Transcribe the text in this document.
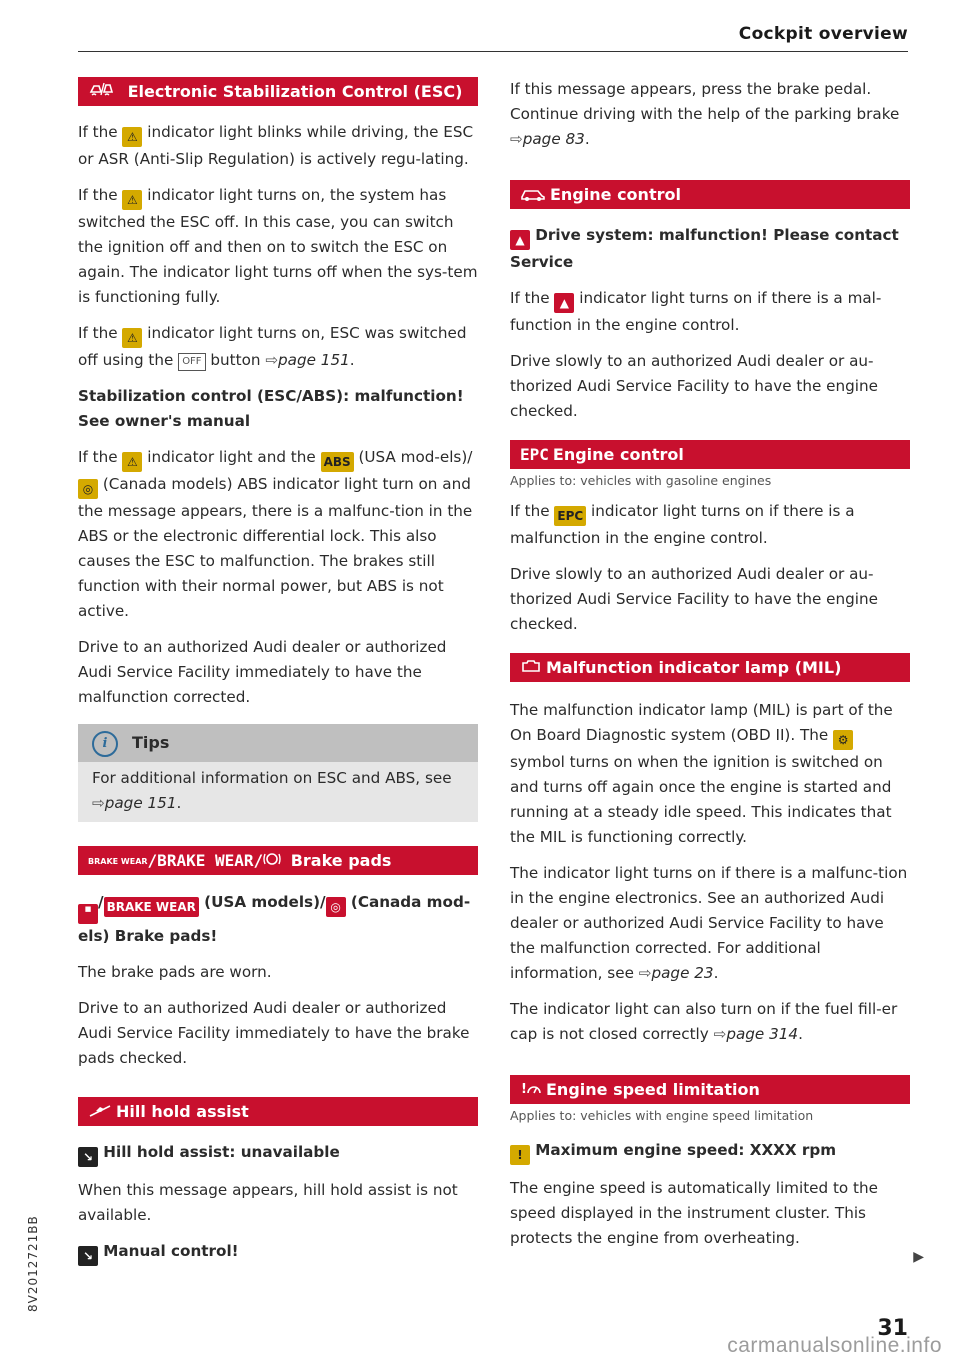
Cockpit overview
Electronic Stabilization Control (ESC)

If the ⚠ indicator light blinks while driving, the ESC or ASR (Anti-Slip Regulation) is actively regu-lating.

If the ⚠ indicator light turns on, the system has switched the ESC off. In this case, you can switch the ignition off and then on to switch the ESC on again. The indicator light turns off when the sys-tem is functioning fully.

If the ⚠ indicator light turns on, ESC was switched off using the OFF button ⇨page 151.

Stabilization control (ESC/ABS): malfunction! See owner's manual

If the ⚠ indicator light and the ABS (USA mod-els)/◎ (Canada models) ABS indicator light turn on and the message appears, there is a malfunc-tion in the ABS or the electronic differential lock. This also causes the ESC to malfunction. The brakes still function with their normal power, but ABS is not active.

Drive to an authorized Audi dealer or authorized Audi Service Facility immediately to have the malfunction corrected.

i Tips

For additional information on ESC and ABS, see ⇨page 151.

BRAKE WEAR/BRAKE WEAR/ Brake pads

■ / BRAKE WEAR (USA models)/ ◎ (Canada mod-els) Brake pads!

The brake pads are worn.

Drive to an authorized Audi dealer or authorized Audi Service Facility immediately to have the brake pads checked.

Hill hold assist

↘ Hill hold assist: unavailable

When this message appears, hill hold assist is not available.

↘ Manual control!

If this message appears, press the brake pedal. Continue driving with the help of the parking brake ⇨page 83.

Engine control

▲ Drive system: malfunction! Please contact Service

If the ▲ indicator light turns on if there is a mal-function in the engine control.

Drive slowly to an authorized Audi dealer or au-thorized Audi Service Facility to have the engine checked.

EPC Engine control

Applies to: vehicles with gasoline engines

If the EPC indicator light turns on if there is a malfunction in the engine control.

Drive slowly to an authorized Audi dealer or au-thorized Audi Service Facility to have the engine checked.

Malfunction indicator lamp (MIL)

The malfunction indicator lamp (MIL) is part of the On Board Diagnostic system (OBD II). The ⚙ symbol turns on when the ignition is switched on and turns off again once the engine is started and running at a steady idle speed. This indicates that the MIL is functioning correctly.

The indicator light turns on if there is a malfunc-tion in the engine electronics. See an authorized Audi dealer or authorized Audi Service Facility to have the malfunction corrected. For additional information, see ⇨page 23.

The indicator light can also turn on if the fuel fill-er cap is not closed correctly ⇨page 314.

! Engine speed limitation

Applies to: vehicles with engine speed limitation

! Maximum engine speed: XXXX rpm

The engine speed is automatically limited to the speed displayed in the instrument cluster. This protects the engine from overheating.

▶
8V2012721BB
31
carmanualsonline.info
